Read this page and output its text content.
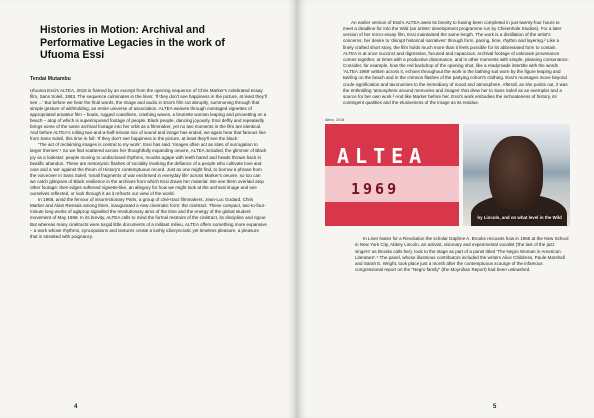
Histories in Motion: Archival and Performative Legacies in the work of Ufuoma Essi
Tendai Mutambu

Ufuoma Essi's ALTEA, 2018 is framed by an excerpt from the opening sequence of Chris Marker's celebrated essay film, Sans Soleil, 1983. The sequence culminates in the lines: 'If they don't see happiness in the picture, at least they'll see ...' But before we hear the final words, the image and audio in Essi's film cut abruptly, summoning through that simple gesture of withholding, an entire universe of association. ALTEA weaves through montaged vignettes of appropriated amateur film – boats, rugged coastlines, crashing waves, a brunette woman leaping and pirouetting on a beach – atop of which is superimposed footage of people. Black people, dancing joyously. Essi deftly and repeatedly brings some of the same archival footage into her orbit as a filmmaker, yet no two moments in the film are identical. And before ALTEA's rolling two-and-a-half-minute mix of sound and image has ended, we again hear that famous line from Sans Soleil, this time in full: 'If they don't see happiness in the picture, at least they'll see the black.'

'The act of reclaiming images is central to my work', Essi has said. 'Images often act as sites of surrogation to larger themes'.¹ So we find scattered across her thoughtfully expanding oeuvre, ALTEA included, the glimmer of Black joy as a lodestar: people moving to undisclosed rhythms, mouths agape with teeth bared and heads thrown back in beatific abandon. These are metonymic flashes of sociality invoking the defiance of a people who cultivate love and care and a 'we' against the thrum of History's contemptuous record. Just as one might find, to borrow a phrase from the voiceover in Sans Soleil, 'small fragments of war enshrined in everyday life' across Marker's oeuvre, so too can we catch glimpses of Black resilience in the archives from which Essi draws her material. We see them overlaid atop other footage; their edges softened vignette-like, an allegory for how we might look at the archival image and see ourselves reflected, or look through it as it refracts our view of the world.

In 1968, amid the fervour of insurrectionary Paris, a group of ciné-tract filmmakers, Jean-Luc Godard, Chris Marker and Alain Resnais among them, inaugurated a new cinematic form: the cinétract. These compact, two-to-four-minute long works of agitprop signalled the revolutionary aims of the time and the energy of the global student movement of May 1968. In its brevity, ALTEA calls to mind the formal restraint of the cinétract, its discipline and rigour. But whereas many cinétracts were turgid little documents of a militant milieu, ALTEA offers something more expansive – a work whose rhythms, syncopations and textures create a lushly idiosyncratic yet timeless pleasure, a pleasure that is streaked with poignancy.

4

An earlier version of Essi's ALTEA owes its brevity to having been completed in just twenty-four hours to meet a deadline for Into the Wild (an artists' development programme run by Chisenhale Studios). For a later version of her micro-essay film, Essi maintained the same length. The work is a distillation of the artist's concerns, her desire to 'disrupt historical narratives' through form, pacing, time, rhythm and layering.² Like a finely crafted short story, the film holds much more than it feels possible for its abbreviated form to contain. ALTEA is at once succinct and digressive, focused and capacious. Archival footage of unknown provenance comes together, at times with a productive dissonance, and in other moments with simple, pleasing consonance. Consider, for example, how the red backdrop of the opening shot, like a readymade intertitle with the words 'ALTEA 1969' written across it, echoes throughout the work in the bathing suit worn by the figure leaping and twirling on the beach and in the crimson flashes of the partying cohort's clothing. Essi's montages move beyond crude signification and taxonomies to the immediacy of mood and atmosphere. Afterall, as she points out, it was the enthralling 'atmosphere around memories and images' that drew her to Sans Soleil as an exemplar and a source for her own work.³ And like Marker before her, Essi's work embodies the inchoateness of history, its contingent qualities and the elusiveness of the image as its residue.

Altea, 2018
ALTEA
1969
by Lincoln, and on what level in the Wild

In Liner Notes for a Revolution the scholar Daphne A. Brooks recounts how in 1965 at the New School in New York City, Abbey Lincoln, an activist, visionary and experimental vocalist ('the last of the jazz singers' as Brooks calls her), took to the stage as part of a panel titled 'The Negro Woman in American Literature'.⁴ The panel, whose illustrious contributors included the writers Alice Childress, Paule Marshall and Sarah E. Wright, took place just a month after the contemptuous scourge of the infamous congressional report on the "Negro family" (the Moynihan Report) had been unleashed.

5
